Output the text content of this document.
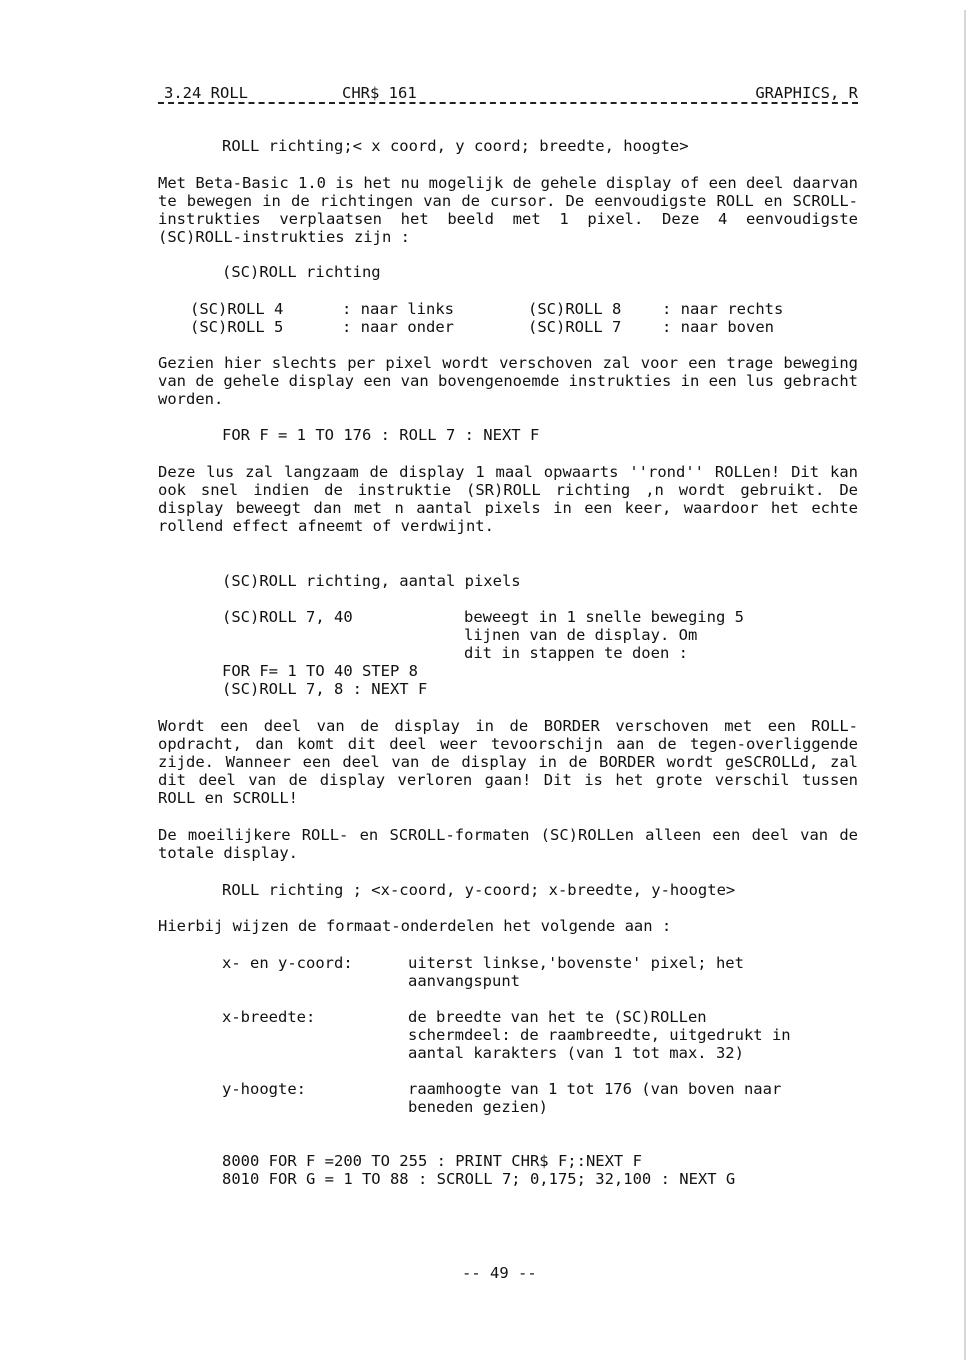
3.24 ROLL

	CHR$ 161

	GRAPHICS, R

ROLL richting;< x coord, y coord; breedte, hoogte>
Met Beta-Basic 1.0 is het nu mogelijk de gehele display of een deel daarvan te bewegen in de richtingen van de cursor. De eenvoudigste ROLL en SCROLL-instrukties verplaatsen het beeld met 1 pixel. Deze 4 eenvoudigste (SC)ROLL-instrukties zijn :
(SC)ROLL richting
(SC)ROLL 4	: naar links	(SC)ROLL 8	: naar rechts
(SC)ROLL 5	: naar onder	(SC)ROLL 7	: naar boven
Gezien hier slechts per pixel wordt verschoven zal voor een trage beweging van de gehele display een van bovengenoemde instrukties in een lus gebracht worden.
FOR F = 1 TO 176 : ROLL 7 : NEXT F
Deze lus zal langzaam de display 1 maal opwaarts ''rond'' ROLLen! Dit kan ook snel indien de instruktie (SR)ROLL richting ,n wordt gebruikt. De display beweegt dan met n aantal pixels in een keer, waardoor het echte rollend effect afneemt of verdwijnt.
(SC)ROLL richting, aantal pixels
(SC)ROLL 7, 40	beweegt in 1 snelle beweging 5
lijnen van de display. Om
dit in stappen te doen :
FOR F= 1 TO 40 STEP 8
(SC)ROLL 7, 8 : NEXT F
Wordt een deel van de display in de BORDER verschoven met een ROLL-opdracht, dan komt dit deel weer tevoorschijn aan de tegen-overliggende zijde. Wanneer een deel van de display in de BORDER wordt geSCROLLd, zal dit deel van de display verloren gaan! Dit is het grote verschil tussen ROLL en SCROLL!
De moeilijkere ROLL- en SCROLL-formaten (SC)ROLLen alleen een deel van de totale display.
ROLL richting ; <x-coord, y-coord; x-breedte, y-hoogte>
Hierbij wijzen de formaat-onderdelen het volgende aan :
x- en y-coord:	uiterst linkse,'bovenste' pixel; het
aanvangspunt
x-breedte:	de breedte van het te (SC)ROLLen
schermdeel: de raambreedte, uitgedrukt in
aantal karakters (van 1 tot max. 32)
y-hoogte:	raamhoogte van 1 tot 176 (van boven naar
beneden gezien)
8000 FOR F =200 TO 255 : PRINT CHR$ F;:NEXT F
8010 FOR G = 1 TO 88 : SCROLL 7; 0,175; 32,100 : NEXT G
-- 49 --
